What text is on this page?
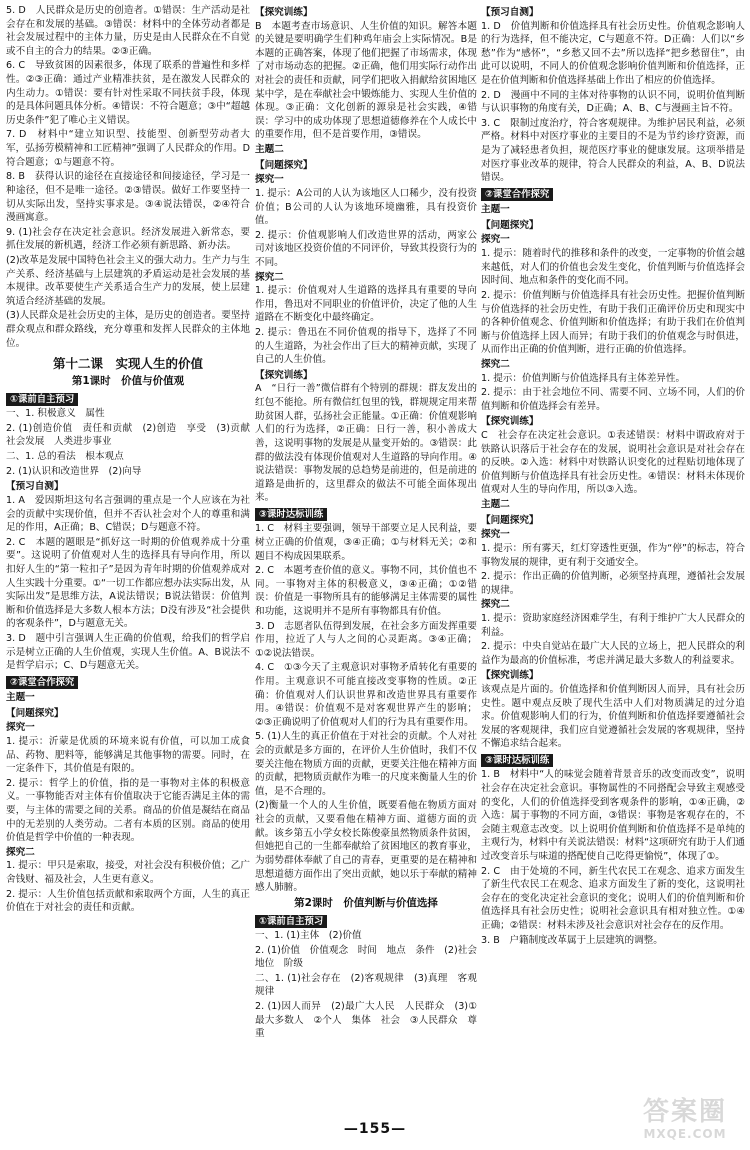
5. D　人民群众是历史的创造者。①错误：生产活动是社会存在和发展的基础。③错误：材料中的全体劳动者都是社会发展过程中的主体力量，历史是由人民群众在不自觉或不自主的合力的结果。②③正确。

6. C　导致贫困的因素很多，体现了联系的普遍性和多样性。②③正确：通过产业精准扶贫，是在激发人民群众的内生动力。①错误：要有针对性采取不同扶贫手段，体现的是具体问题具体分析。④错误：不符合题意；③中“超越历史条件”犯了唯心主义错误。

7. D　材料中“建立知识型、技能型、创新型劳动者大军，弘扬劳模精神和工匠精神”强调了人民群众的作用。D符合题意；①与题意不符。

8. B　获得认识的途径在直接途径和间接途径，学习是一种途径，但不是唯一途径。②③错误。做好工作要坚持一切从实际出发，坚持实事求是。③④说法错误，②④符合漫画寓意。

9. (1)社会存在决定社会意识。经济发展进入新常态，要抓住发展的新机遇，经济工作必须有新思路、新办法。

(2)改革是发展中国特色社会主义的强大动力。生产力与生产关系、经济基础与上层建筑的矛盾运动是社会发展的基本规律。改革要使生产关系适合生产力的发展，使上层建筑适合经济基础的发展。

(3)人民群众是社会历史的主体，是历史的创造者。要坚持群众观点和群众路线，充分尊重和发挥人民群众的主体地位。

第十二课　实现人生的价值
第1课时　价值与价值观
①课前自主预习

一、1. 积极意义　属性

2. (1)创造价值　责任和贡献　(2)创造　享受　(3)贡献　社会发展　人类进步事业

二、1. 总的看法　根本观点

2. (1)认识和改造世界　(2)向导

【预习自测】

1. A　爱因斯坦这句名言强调的重点是一个人应该在为社会的贡献中实现价值，但并不否认社会对个人的尊重和满足的作用，A正确；B、C错误；D与题意不符。

2. C　本题的题眼是“抓好这一时期的价值观养成十分重要”。这说明了价值观对人生的选择具有导向作用，所以扣好人生的“第一粒扣子”是因为青年时期的价值观养成对人生实践十分重要。①“一切工作都应想办法实际出发，从实际出发”是思维方法，A说法错误；B说法错误：价值判断和价值选择是大多数人根本方法；D没有涉及“社会提供的客观条件”，D与题意无关。

3. D　题中引言强调人生正确的价值观，给我们的哲学启示是树立正确的人生价值观，实现人生价值。A、B说法不是哲学启示；C、D与题意无关。

②课堂合作探究
主题一
【问题探究】
探究一

1. 提示：沂蒙是优质的环境来说有价值，可以加工成食品、药物、肥料等，能够满足其他事物的需要。同时，在一定条件下，其价值是有限的。

2. 提示：哲学上的价值，指的是一事物对主体的积极意义。一事物能否对主体有价值取决于它能否满足主体的需要，与主体的需要之间的关系。商品的价值是凝结在商品中的无差别的人类劳动。二者有本质的区别。商品的使用价值是哲学中价值的一种表现。

探究二

1. 提示：甲只是索取，接受，对社会没有积极价值；乙广舍钱财、福及社会，人生更有意义。

2. 提示：人生价值包括贡献和索取两个方面，人生的真正价值在于对社会的责任和贡献。

【探究训练】

B　本题考查市场意识、人生价值的知识。解答本题的关键是要明确学生们种鸡年庙会上实际情况。B是本题的正确答案，体现了他们把握了市场需求，体现了对市场动态的把握。②正确，他们用实际行动作出对社会的责任和贡献，同学们把收入捐献给贫困地区某中学，是在奉献社会中锻炼能力、实现人生价值的体现。③正确：文化创新的源泉是社会实践，④错误：学习中的成功体现了思想道德修养在个人成长中的重要作用，但不是首要作用，③错误。

主题二
【问题探究】
探究一

1. 提示：A公司的人认为该地区人口稀少，没有投资价值；B公司的人认为该地环境幽雅，具有投资价值。

2. 提示：价值观影响人们改造世界的活动，两家公司对该地区投资价值的不同评价，导致其投资行为的不同。

探究二

1. 提示：价值观对人生道路的选择具有重要的导向作用，鲁迅对不同职业的价值评价，决定了他的人生道路在不断变化中最终确定。

2. 提示：鲁迅在不同价值观的指导下，选择了不同的人生道路，为社会作出了巨大的精神贡献，实现了自己的人生价值。

【探究训练】

A　“日行一善”微信群有个特别的群规：群友发出的红包不能抢。所有微信红包里的钱，群规规定用来帮助贫困人群，弘扬社会正能量。①正确：价值观影响人们的行为选择，②正确：日行一善，积小善成大善，这说明事物的发展是从量变开始的。③错误：此群的做法没有体现价值观对人生道路的导向作用。④说法错误：事物发展的总趋势是前进的，但是前进的道路是曲折的，这里群众的做法不可能全面体现出来。

③课时达标训练

1. C　材料主要强调，领导干部要立足人民利益，要树立正确的价值观，③④正确；①与材料无关；②和题目不构成因果联系。

2. C　本题考查价值的意义。事物不同，其价值也不同。一事物对主体的积极意义，③④正确；①②错误：价值是一事物所具有的能够满足主体需要的属性和功能，这说明并不是所有事物都具有价值。

3. D　志愿者队伍得到发展，在社会多方面发挥重要作用，拉近了人与人之间的心灵距离。③④正确；①②说法错误。

4. C　①③今天了主观意识对事物矛盾转化有重要的作用。主观意识不可能直接改变事物的性质。②正确：价值观对人们认识世界和改造世界具有重要作用。④错误：价值观不是对客观世界产生的影响；②③正确说明了价值观对人们的行为具有重要作用。

5. (1)人生的真正价值在于对社会的贡献。个人对社会的贡献是多方面的，在评价人生价值时，我们不仅要关注他在物质方面的贡献，更要关注他在精神方面的贡献，把物质贡献作为唯一的尺度来衡量人生的价值，是不合理的。

(2)衡量一个人的人生价值，既要看他在物质方面对社会的贡献，又要看他在精神方面、道德方面的贡献。该乡第五小学女校长陈俊豪虽然物质条件贫困，但她把自己的一生都奉献给了贫困地区的教育事业，为弱势群体奉献了自己的青春，更重要的是在精神和思想道德方面作出了突出贡献，她以乐于奉献的精神感人肺腑。

第2课时　价值判断与价值选择
①课前自主预习

一、1. (1)主体　(2)价值

2. (1)价值　价值观念　时间　地点　条件　(2)社会地位　阶级

二、1. (1)社会存在　(2)客观规律　(3)真理　客观规律

2. (1)因人而异　(2)最广大人民　人民群众　(3)①最大多数人　②个人　集体　社会　③人民群众　尊重

【预习自测】

1. D　价值判断和价值选择具有社会历史性。价值观念影响人的行为选择，但不能决定，C与题意不符。D正确：人们以“乡愁”作为“感怀”，“乡愁又回不去”所以选择“把乡愁留住”，由此可以说明，不同人的价值观念影响价值判断和价值选择，正是在价值判断和价值选择基础上作出了相应的价值选择。

2. D　漫画中不同的主体对待事物的认识不同，说明价值判断与认识事物的角度有关，D正确；A、B、C与漫画主旨不符。

3. C　限制过度治疗，符合客观规律。为维护居民利益，必须严格。材料中对医疗事业的主要目的不是为节约诊疗资源，而是为了减轻患者负担，规范医疗事业的健康发展。这项举措是对医疗事业改革的规律，符合人民群众的利益，A、B、D说法错误。

②课堂合作探究
主题一
【问题探究】
探究一

1. 提示：随着时代的推移和条件的改变，一定事物的价值会越来越低，对人们的价值也会发生变化，价值判断与价值选择会因时间、地点和条件的变化而不同。

2. 提示：价值判断与价值选择具有社会历史性。把握价值判断与价值选择的社会历史性，有助于我们正确评价历史和现实中的各种价值观念、价值判断和价值选择；有助于我们在价值判断与价值选择上因人而异；有助于我们的价值观念与时俱进，从而作出正确的价值判断，进行正确的价值选择。

探究二

1. 提示：价值判断与价值选择具有主体差异性。

2. 提示：由于社会地位不同、需要不同、立场不同，人们的价值判断和价值选择会有差异。

【探究训练】

C　社会存在决定社会意识。①表述错误：材料中谓政府对于铁路认识落后于社会存在的发展，说明社会意识是对社会存在的反映。②入选：材料中对铁路认识变化的过程贴切地体现了价值判断与价值选择具有社会历史性。④错误：材料未体现价值观对人生的导向作用，所以③入选。

主题二
【问题探究】
探究一

1. 提示：所有雾天，红灯穿透性更强，作为“停”的标志，符合事物发展的规律，更有利于交通安全。

2. 提示：作出正确的价值判断，必须坚持真理，遵循社会发展的规律。

探究二

1. 提示：资助家庭经济困难学生，有利于维护广大人民群众的利益。

2. 提示：中央自觉站在最广大人民的立场上，把人民群众的利益作为最高的价值标准，考虑并满足最大多数人的利益要求。

【探究训练】

该观点是片面的。价值选择和价值判断因人而异，具有社会历史性。题中观点反映了现代生活中人们对物质满足的过分追求。价值观影响人们的行为，价值判断和价值选择要遵循社会发展的客观规律，我们应自觉遵循社会发展的客观规律，坚持不懈追求结合起来。

③课时达标训练

1. B　材料中“人的味觉会随着背景音乐的改变而改变”，说明社会存在决定社会意识。事物属性的不同搭配会导致主观感受的变化，人们的价值选择受到客观条件的影响，①④正确，②入选：属于事物的不同方面，③错误：事物是客观存在的，不会随主观意志改变。以上说明价值判断和价值选择不是单纯的主观行为，材料中有关说法错误：材料“这项研究有助于人们通过改变音乐与味道的搭配使自己吃得更愉悦”，体现了①。

2. C　由于处境的不同，新生代农民工在观念、追求方面发生了新生代农民工在观念、追求方面发生了新的变化，这说明社会存在的变化决定社会意识的变化；说明人们的价值判断和价值选择具有社会历史性；说明社会意识具有相对独立性。①④正确；②错误：材料未涉及社会意识对社会存在的反作用。

3. B　户籍制度改革属于上层建筑的调整。

—155—
答案圈
MXQE.COM
